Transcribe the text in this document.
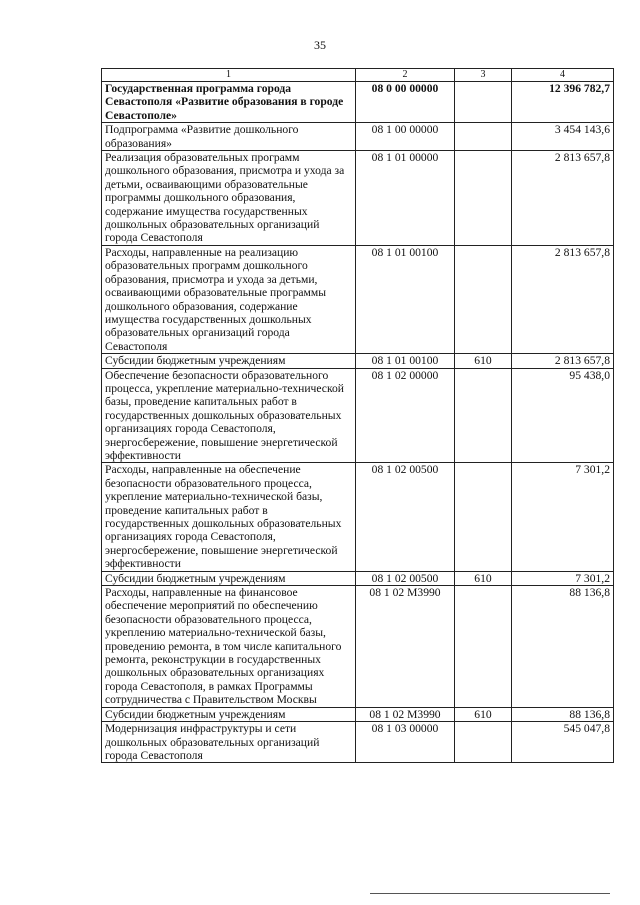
35
1	2	3	4
Государственная программа города Севастополя «Развитие образования в городе Севастополе»	08 0 00 00000		12 396 782,7
Подпрограмма «Развитие дошкольного образования»	08 1 00 00000		3 454 143,6
Реализация образовательных программ дошкольного образования, присмотра и ухода за детьми, осваивающими образовательные программы дошкольного образования, содержание имущества государственных дошкольных образовательных организаций города Севастополя	08 1 01 00000		2 813 657,8
Расходы, направленные на реализацию образовательных программ дошкольного образования, присмотра и ухода за детьми, осваивающими образовательные программы дошкольного образования, содержание имущества государственных дошкольных образовательных организаций города Севастополя	08 1 01 00100		2 813 657,8
Субсидии бюджетным учреждениям	08 1 01 00100	610	2 813 657,8
Обеспечение безопасности образовательного процесса, укрепление материально-технической базы, проведение капитальных работ в государственных дошкольных образовательных организациях города Севастополя, энергосбережение, повышение энергетической эффективности	08 1 02 00000		95 438,0
Расходы, направленные на обеспечение безопасности образовательного процесса, укрепление материально-технической базы, проведение капитальных работ в государственных дошкольных образовательных организациях города Севастополя, энергосбережение, повышение энергетической эффективности	08 1 02 00500		7 301,2
Субсидии бюджетным учреждениям	08 1 02 00500	610	7 301,2
Расходы, направленные на финансовое обеспечение мероприятий по обеспечению безопасности образовательного процесса, укреплению материально-технической базы, проведению ремонта, в том числе капитального ремонта, реконструкции в государственных дошкольных образовательных организациях города Севастополя, в рамках Программы сотрудничества с Правительством Москвы	08 1 02 М3990		88 136,8
Субсидии бюджетным учреждениям	08 1 02 М3990	610	88 136,8
Модернизация инфраструктуры и сети дошкольных образовательных организаций города Севастополя	08 1 03 00000		545 047,8
